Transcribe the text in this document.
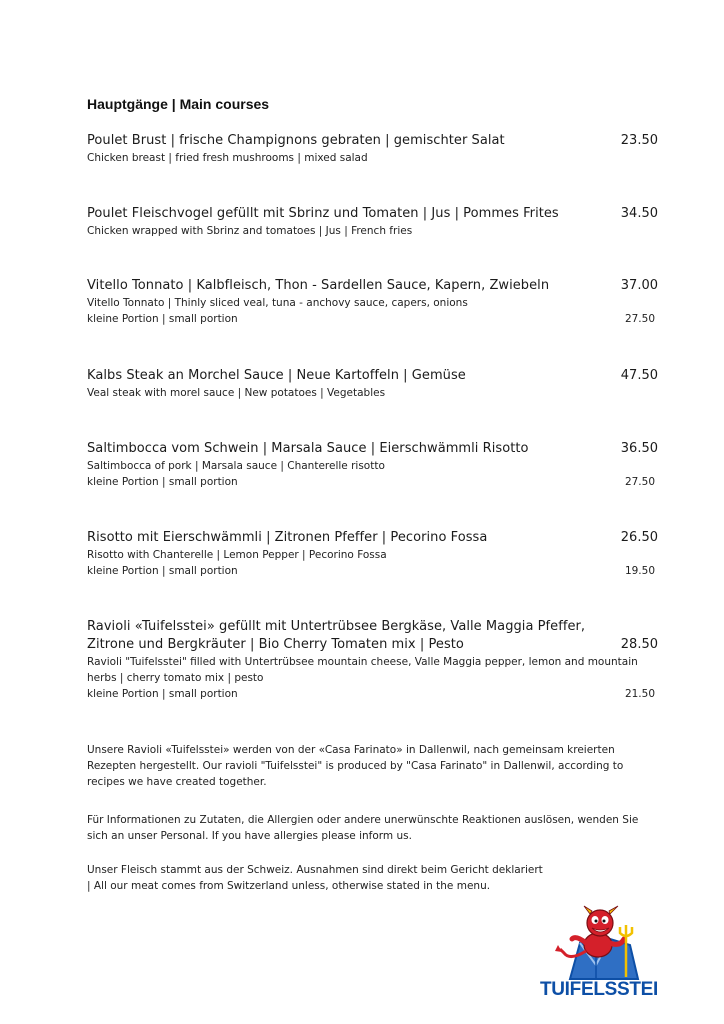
Hauptgänge | Main courses
Poulet Brust | frische Champignons gebraten | gemischter Salat	23.50
Chicken breast | fried fresh mushrooms | mixed salad
Poulet Fleischvogel gefüllt mit Sbrinz und Tomaten | Jus | Pommes Frites	34.50
Chicken wrapped with Sbrinz and tomatoes | Jus | French fries
Vitello Tonnato | Kalbfleisch, Thon - Sardellen Sauce, Kapern, Zwiebeln	37.00
Vitello Tonnato | Thinly sliced veal, tuna - anchovy sauce, capers, onions
kleine Portion | small portion	27.50
Kalbs Steak an Morchel Sauce | Neue Kartoffeln | Gemüse	47.50
Veal steak with morel sauce | New potatoes | Vegetables
Saltimbocca vom Schwein | Marsala Sauce | Eierschwämmli Risotto	36.50
Saltimbocca of pork | Marsala sauce | Chanterelle risotto
kleine Portion | small portion	27.50
Risotto mit Eierschwämmli | Zitronen Pfeffer | Pecorino Fossa	26.50
Risotto with Chanterelle | Lemon Pepper | Pecorino Fossa
kleine Portion | small portion	19.50
Ravioli «Tuifelsstei» gefüllt mit Untertrübsee Bergkäse, Valle Maggia Pfeffer,
Zitrone und Bergkräuter | Bio Cherry Tomaten mix | Pesto	28.50
Ravioli "Tuifelsstei" filled with Untertrübsee mountain cheese, Valle Maggia pepper, lemon and mountain
herbs | cherry tomato mix | pesto
kleine Portion | small portion	21.50
Unsere Ravioli «Tuifelsstei» werden von der «Casa Farinato» in Dallenwil, nach gemeinsam kreierten
Rezepten hergestellt. Our ravioli "Tuifelsstei" is produced by "Casa Farinato" in Dallenwil, according to
recipes we have created together.
Für Informationen zu Zutaten, die Allergien oder andere unerwünschte Reaktionen auslösen, wenden Sie
sich an unser Personal. If you have allergies please inform us.
Unser Fleisch stammt aus der Schweiz. Ausnahmen sind direkt beim Gericht deklariert
| All our meat comes from Switzerland unless, otherwise stated in the menu.
TUIFELSSTEI
